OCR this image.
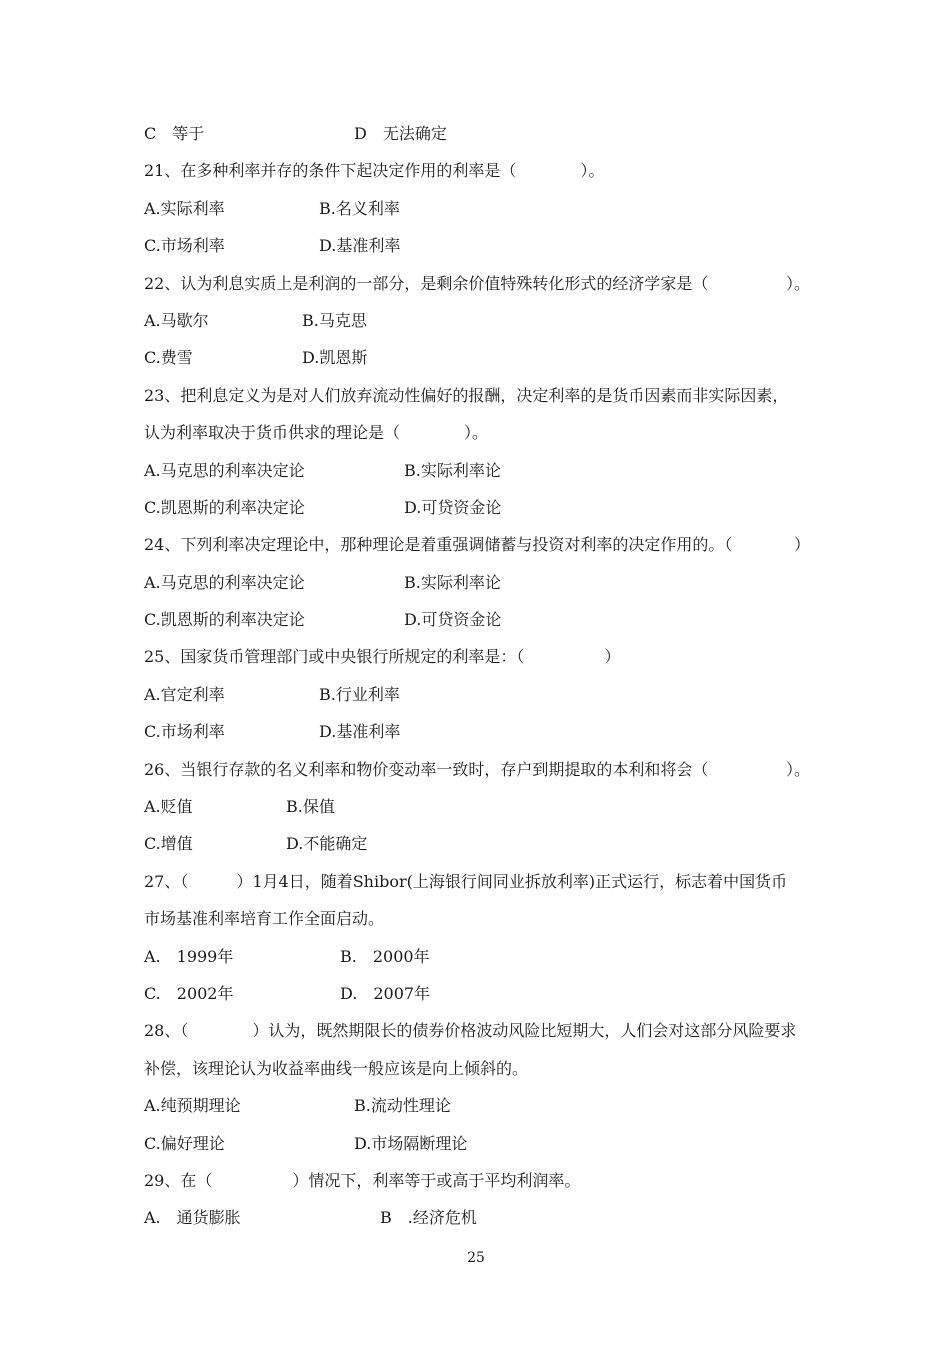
C　等于	D　无法确定
21、在多种利率并存的条件下起决定作用的利率是（　　　　）。
A.实际利率	B.名义利率
C.市场利率	D.基准利率
22、认为利息实质上是利润的一部分，是剩余价值特殊转化形式的经济学家是（	）。
A.马歇尔	B.马克思
C.费雪	D.凯恩斯
23、把利息定义为是对人们放弃流动性偏好的报酬，决定利率的是货币因素而非实际因素，
认为利率取决于货币供求的理论是（　　　　）。
A.马克思的利率决定论	B.实际利率论
C.凯恩斯的利率决定论	D.可贷资金论
24、下列利率决定理论中，那种理论是着重强调储蓄与投资对利率的决定作用的。（	）
A.马克思的利率决定论	B.实际利率论
C.凯恩斯的利率决定论	D.可贷资金论
25、国家货币管理部门或中央银行所规定的利率是：（　　　　　）
A.官定利率	B.行业利率
C.市场利率	D.基准利率
26、当银行存款的名义利率和物价变动率一致时，存户到期提取的本利和将会（	）。
A.贬值	B.保值
C.增值	D.不能确定
27、（　　　）1月4日，随着Shibor(上海银行间同业拆放利率)正式运行，标志着中国货币
市场基准利率培育工作全面启动。
A.　1999年	B.　2000年
C.　2002年	D.　2007年
28、（　　　　）认为，既然期限长的债券价格波动风险比短期大，人们会对这部分风险要求
补偿，该理论认为收益率曲线一般应该是向上倾斜的。
A.纯预期理论	B.流动性理论
C.偏好理论	D.市场隔断理论
29、在（　　　　　）情况下，利率等于或高于平均利润率。
A.　通货膨胀	B　.经济危机
25
